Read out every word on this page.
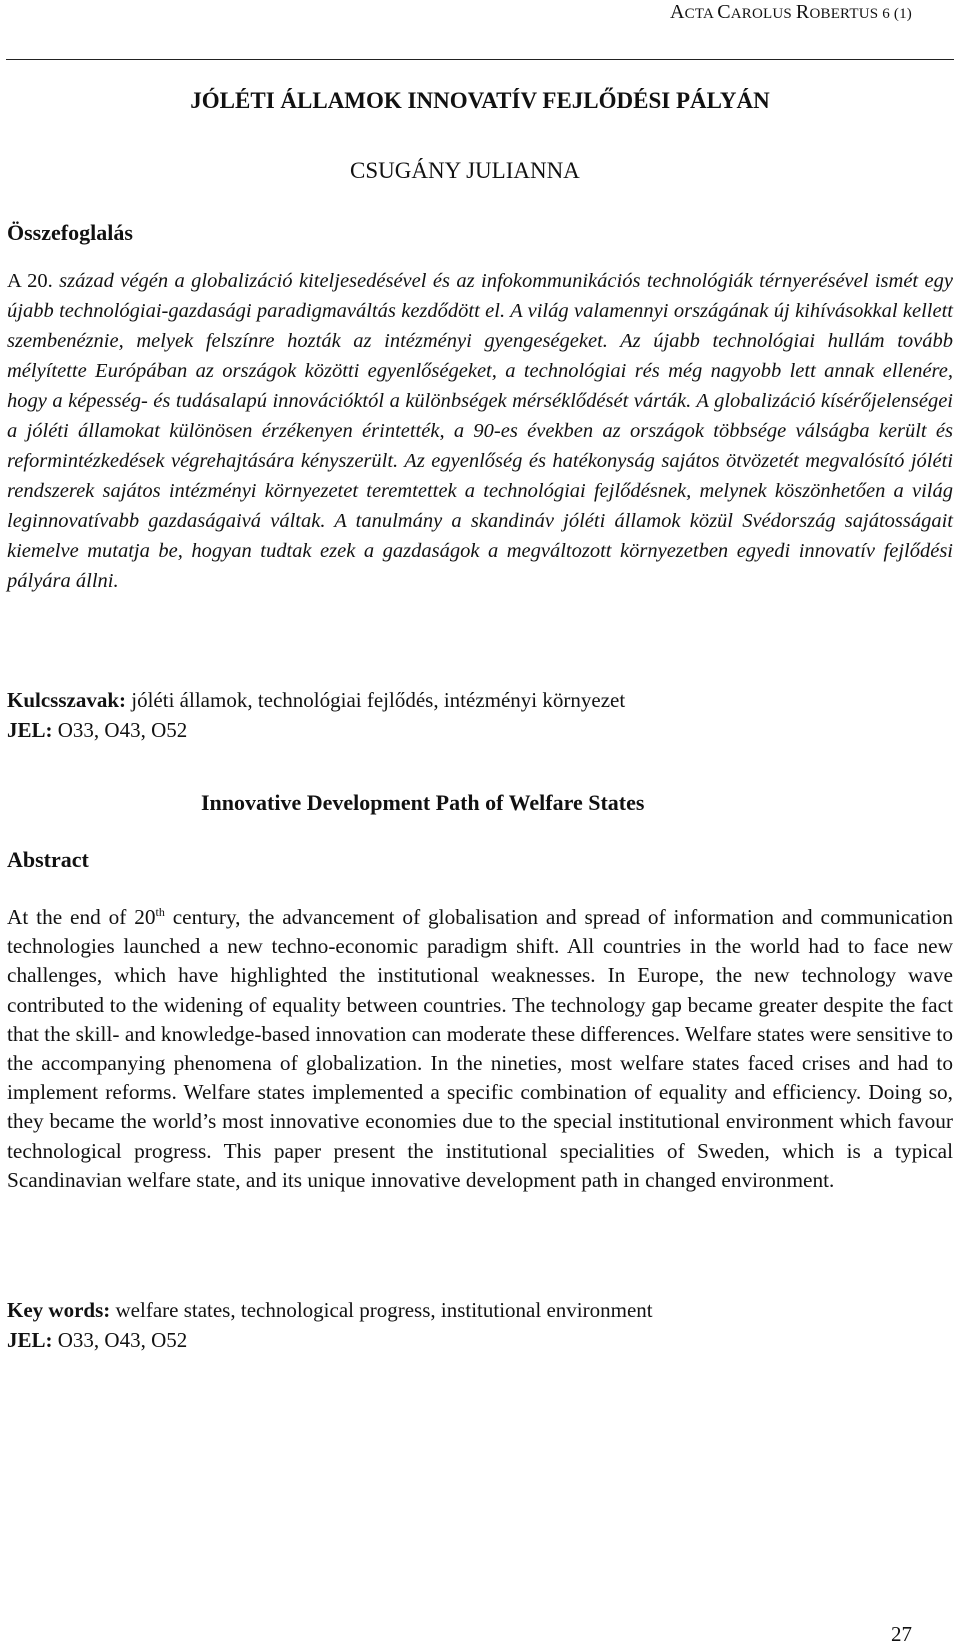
ACTA CAROLUS ROBERTUS 6 (1)
JÓLÉTI ÁLLAMOK INNOVATÍV FEJLŐDÉSI PÁLYÁN
CSUGÁNY JULIANNA
Összefoglalás

A 20. század végén a globalizáció kiteljesedésével és az infokommunikációs technológiák térnyerésével ismét egy újabb technológiai-gazdasági paradigmaváltás kezdődött el. A világ valamennyi országának új kihívásokkal kellett szembenéznie, melyek felszínre hozták az intézményi gyengeségeket. Az újabb technológiai hullám tovább mélyítette Európában az országok közötti egyenlőségeket, a technológiai rés még nagyobb lett annak ellenére, hogy a képesség- és tudásalapú innovációktól a különbségek mérséklődését várták. A globalizáció kísérőjelenségei a jóléti államokat különösen érzékenyen érintették, a 90-es években az országok többsége válságba került és reformintézkedések végrehajtására kényszerült. Az egyenlőség és hatékonyság sajátos ötvözetét megvalósító jóléti rendszerek sajátos intézményi környezetet teremtettek a technológiai fejlődésnek, melynek köszönhetően a világ leginnovatívabb gazdaságaivá váltak. A tanulmány a skandináv jóléti államok közül Svédország sajátosságait kiemelve mutatja be, hogyan tudtak ezek a gazdaságok a megváltozott környezetben egyedi innovatív fejlődési pályára állni.

Kulcsszavak: jóléti államok, technológiai fejlődés, intézményi környezet
JEL: O33, O43, O52
Innovative Development Path of Welfare States
Abstract

At the end of 20th century, the advancement of globalisation and spread of information and communication technologies launched a new techno-economic paradigm shift. All countries in the world had to face new challenges, which have highlighted the institutional weaknesses. In Europe, the new technology wave contributed to the widening of equality between countries. The technology gap became greater despite the fact that the skill- and knowledge-based innovation can moderate these differences. Welfare states were sensitive to the accompanying phenomena of globalization. In the nineties, most welfare states faced crises and had to implement reforms. Welfare states implemented a specific combination of equality and efficiency. Doing so, they became the world’s most innovative economies due to the special institutional environment which favour technological progress. This paper present the institutional specialities of Sweden, which is a typical Scandinavian welfare state, and its unique innovative development path in changed environment.

Key words: welfare states, technological progress, institutional environment
JEL: O33, O43, O52
27
